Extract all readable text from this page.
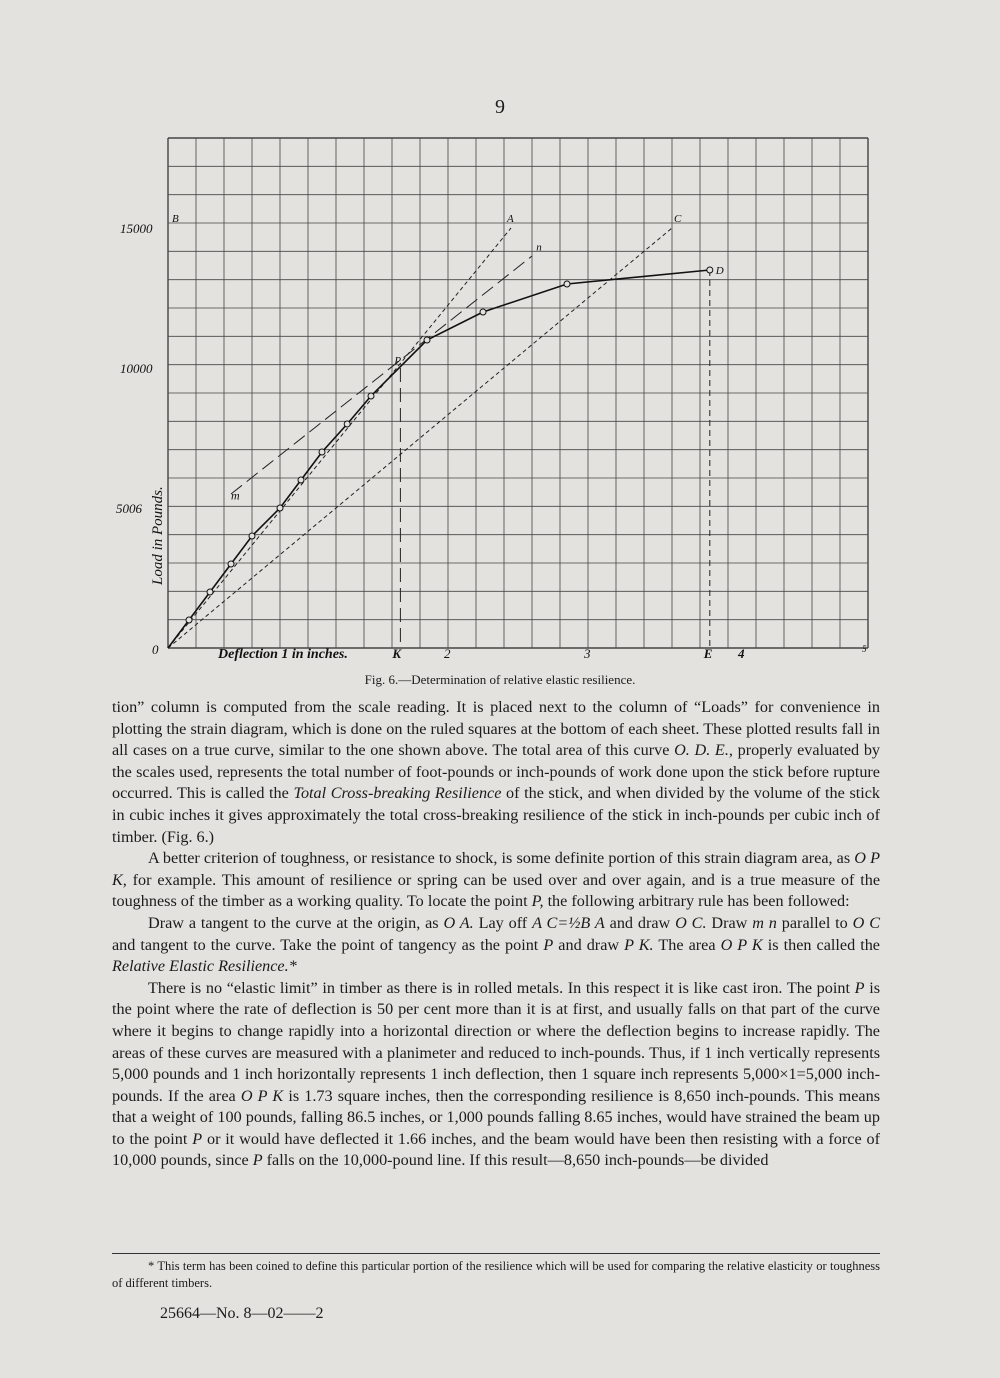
9
15000
10000
5006
0
Load in Pounds.
Deflection 1 in inches.	K	2	3	E 4	5
B	A	C
n
D
P
m
Fig. 6.—Determination of relative elastic resilience.

tion” column is computed from the scale reading. It is placed next to the column of “Loads” for convenience in plotting the strain diagram, which is done on the ruled squares at the bottom of each sheet. These plotted results fall in all cases on a true curve, similar to the one shown above. The total area of this curve O. D. E., properly evaluated by the scales used, represents the total number of foot-pounds or inch-pounds of work done upon the stick before rupture occurred. This is called the Total Cross-breaking Resilience of the stick, and when divided by the volume of the stick in cubic inches it gives approximately the total cross-breaking resilience of the stick in inch-pounds per cubic inch of timber. (Fig. 6.)

A better criterion of toughness, or resistance to shock, is some definite portion of this strain diagram area, as O P K, for example. This amount of resilience or spring can be used over and over again, and is a true measure of the toughness of the timber as a working quality. To locate the point P, the following arbitrary rule has been followed:

Draw a tangent to the curve at the origin, as O A. Lay off A C=½B A and draw O C. Draw m n parallel to O C and tangent to the curve. Take the point of tangency as the point P and draw P K. The area O P K is then called the Relative Elastic Resilience.*

There is no “elastic limit” in timber as there is in rolled metals. In this respect it is like cast iron. The point P is the point where the rate of deflection is 50 per cent more than it is at first, and usually falls on that part of the curve where it begins to change rapidly into a horizontal direction or where the deflection begins to increase rapidly. The areas of these curves are measured with a planimeter and reduced to inch-pounds. Thus, if 1 inch vertically represents 5,000 pounds and 1 inch horizontally represents 1 inch deflection, then 1 square inch represents 5,000×1=5,000 inch-pounds. If the area O P K is 1.73 square inches, then the corresponding resilience is 8,650 inch-pounds. This means that a weight of 100 pounds, falling 86.5 inches, or 1,000 pounds falling 8.65 inches, would have strained the beam up to the point P or it would have deflected it 1.66 inches, and the beam would have been then resisting with a force of 10,000 pounds, since P falls on the 10,000-pound line. If this result—8,650 inch-pounds—be divided

* This term has been coined to define this particular portion of the resilience which will be used for comparing the relative elasticity or toughness of different timbers.
25664—No. 8—02——2
